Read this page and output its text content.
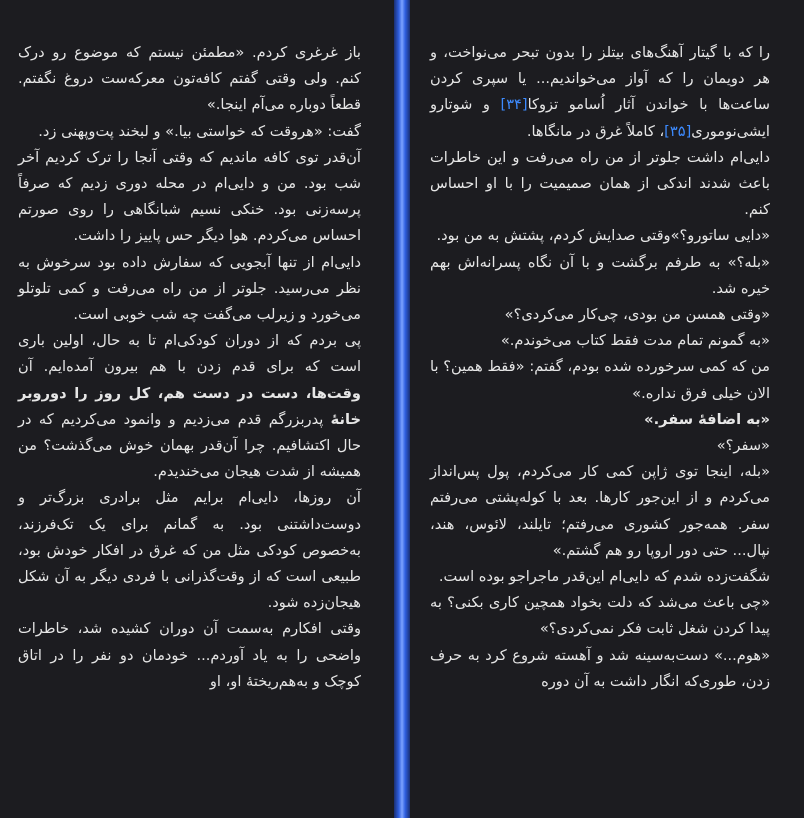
باز غرغری کردم. «مطمئن نیستم که موضوع رو درک کنم. ولی وقتی گفتم کافه‌تون معرکه‌ست دروغ نگفتم. قطعاً دوباره می‌آم اینجا.»

گفت: «هروقت که خواستی بیا.» و لبخند پت‌وپهنی زد.

آن‌قدر توی کافه ماندیم که وقتی آنجا را ترک کردیم آخر شب بود. من و دایی‌ام در محله دوری زدیم که صرفاً پرسه‌زنی بود. خنکی نسیم شبانگاهی را روی صورتم احساس می‌کردم. هوا دیگر حس پاییز را داشت.

دایی‌ام از تنها آبجویی که سفارش داده بود سرخوش به نظر می‌رسید. جلوتر از من راه می‌رفت و کمی تلوتلو می‌خورد و زیرلب می‌گفت چه شب خوبی است.

پی بردم که از دوران کودکی‌ام تا به حال، اولین باری است که برای قدم زدن با هم بیرون آمده‌ایم. آن وقت‌ها، دست در دست هم، کل روز را دوروبر خانهٔ پدربزرگم قدم می‌زدیم و وانمود می‌کردیم که در حال اکتشافیم. چرا آن‌قدر بهمان خوش می‌گذشت؟ من همیشه از شدت هیجان می‌خندیدم.

آن روزها، دایی‌ام برایم مثل برادری بزرگ‌تر و دوست‌داشتنی بود. به گمانم برای یک تک‌فرزند، به‌خصوص کودکی مثل من که غرق در افکار خودش بود، طبیعی است که از وقت‌گذرانی با فردی دیگر به آن شکل هیجان‌زده شود.

وقتی افکارم به‌سمت آن دوران کشیده شد، خاطرات واضحی را به یاد آوردم... خودمان دو نفر را در اتاق کوچک و به‌هم‌ریختهٔ او، او

را که با گیتار آهنگ‌های بیتلز را بدون تبحر می‌نواخت، و هر دویمان را که آواز می‌خواندیم... یا سپری کردن ساعت‌ها با خواندن آثار اُسامو تزوکا[۳۴] و شوتارو ایشی‌نوموری[۳۵]، کاملاً غرق در مانگاها.

دایی‌ام داشت جلوتر از من راه می‌رفت و این خاطرات باعث شدند اندکی از همان صمیمیت را با او احساس کنم.

«دایی ساتورو؟»وقتی صدایش کردم، پشتش به من بود.

«بله؟» به طرفم برگشت و با آن نگاه پسرانه‌اش بهم خیره شد.

«وقتی همسن من بودی، چی‌کار می‌کردی؟»

«به گمونم تمام مدت فقط کتاب می‌خوندم.»

من که کمی سرخورده شده بودم، گفتم: «فقط همین؟ با الان خیلی فرق نداره.»

«به اضافهٔ سفر.»

«سفر؟»

«بله، اینجا توی ژاپن کمی کار می‌کردم، پول پس‌انداز می‌کردم و از این‌جور کارها. بعد با کوله‌پشتی می‌رفتم سفر. همه‌جور کشوری می‌رفتم؛ تایلند، لائوس، هند، نپال... حتی دور اروپا رو هم گشتم.»

شگفت‌زده شدم که دایی‌ام این‌قدر ماجراجو بوده است.

«چی باعث می‌شد که دلت بخواد همچین کاری بکنی؟ به پیدا کردن شغل ثابت فکر نمی‌کردی؟»

«هوم...» دست‌به‌سینه شد و آهسته شروع کرد به حرف زدن، طوری‌که انگار داشت به آن دوره
